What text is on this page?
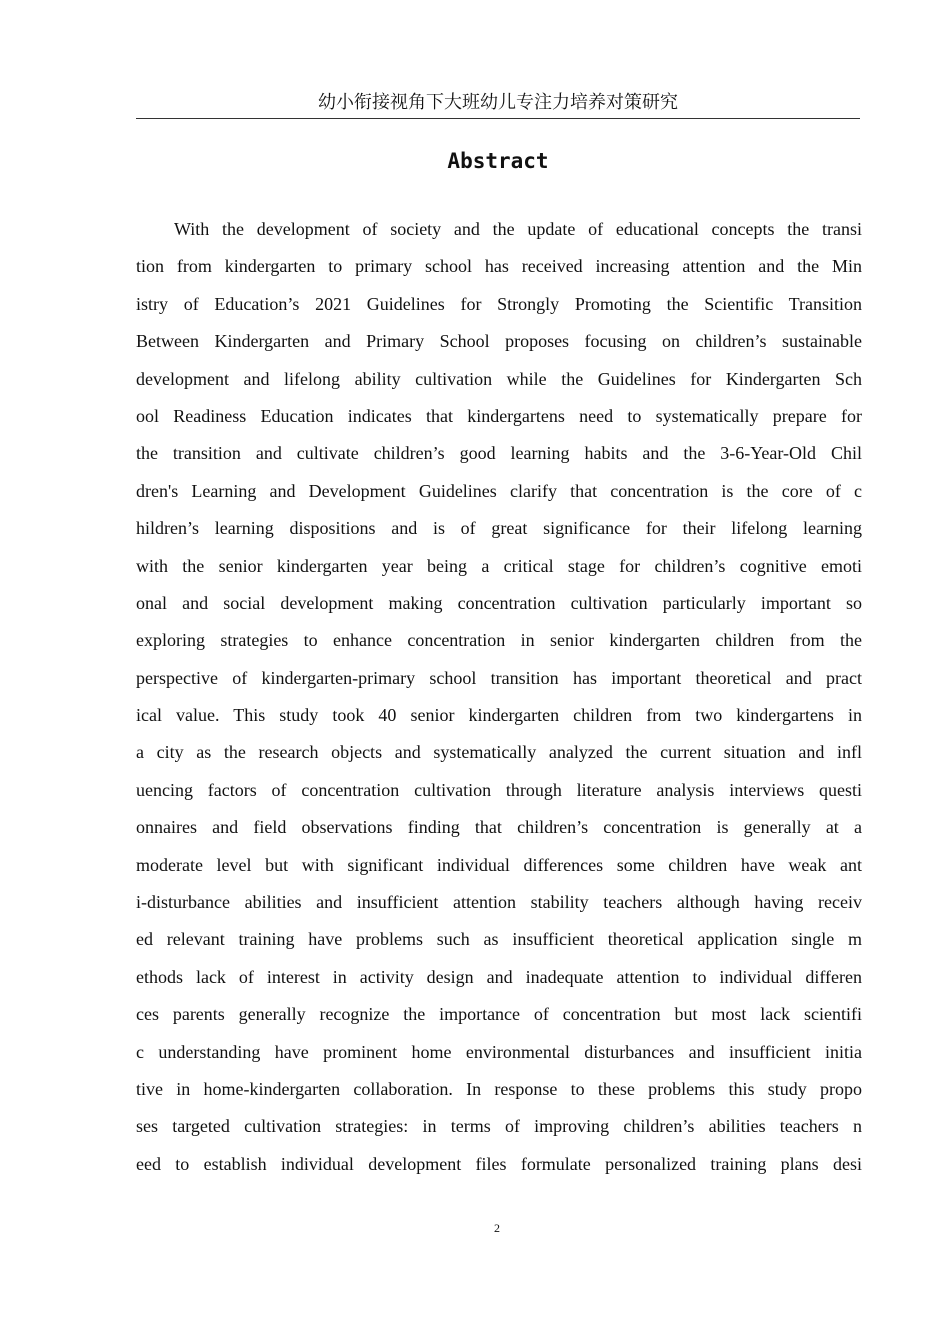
幼小衔接视角下大班幼儿专注力培养对策研究
Abstract
With the development of society and the update of educational concepts the transi
tion from kindergarten to primary school has received increasing attention and the Min
istry of Education’s 2021 Guidelines for Strongly Promoting the Scientific Transition
Between Kindergarten and Primary School proposes focusing on children’s sustainable
development and lifelong ability cultivation while the Guidelines for Kindergarten Sch
ool Readiness Education indicates that kindergartens need to systematically prepare for
the transition and cultivate children’s good learning habits and the 3-6-Year-Old Chil
dren's Learning and Development Guidelines clarify that concentration is the core of c
hildren’s learning dispositions and is of great significance for their lifelong learning
with the senior kindergarten year being a critical stage for children’s cognitive emoti
onal and social development making concentration cultivation particularly important so
exploring strategies to enhance concentration in senior kindergarten children from the
perspective of kindergarten-primary school transition has important theoretical and pract
ical value. This study took 40 senior kindergarten children from two kindergartens in
a city as the research objects and systematically analyzed the current situation and infl
uencing factors of concentration cultivation through literature analysis interviews questi
onnaires and field observations finding that children’s concentration is generally at a
moderate level but with significant individual differences some children have weak ant
i-disturbance abilities and insufficient attention stability teachers although having receiv
ed relevant training have problems such as insufficient theoretical application single m
ethods lack of interest in activity design and inadequate attention to individual differen
ces parents generally recognize the importance of concentration but most lack scientifi
c understanding have prominent home environmental disturbances and insufficient initia
tive in home-kindergarten collaboration. In response to these problems this study propo
ses targeted cultivation strategies: in terms of improving children’s abilities teachers n
eed to establish individual development files formulate personalized training plans desi
2
